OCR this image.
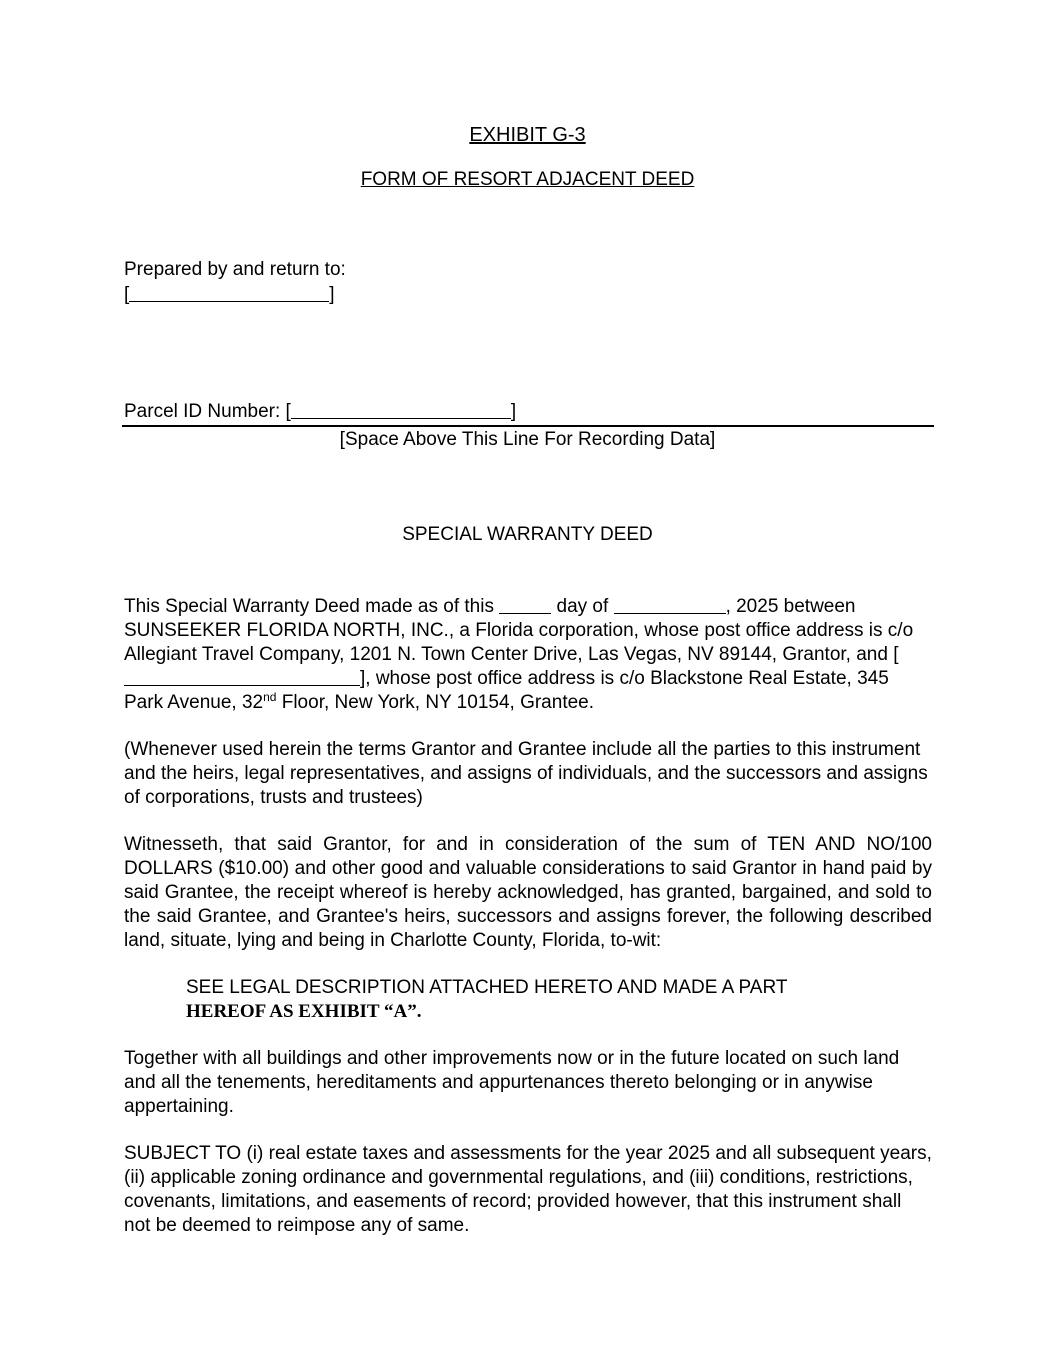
EXHIBIT G-3

FORM OF RESORT ADJACENT DEED

Prepared by and return to:

[	]

Parcel ID Number: [	]

[Space Above This Line For Recording Data]

SPECIAL WARRANTY DEED

This Special Warranty Deed made as of this	day of	, 2025 between SUNSEEKER FLORIDA NORTH, INC., a Florida corporation, whose post office address is c/o Allegiant Travel Company, 1201 N. Town Center Drive, Las Vegas, NV 89144, Grantor, and [], whose post office address is c/o Blackstone Real Estate, 345 Park Avenue, 32nd Floor, New York, NY 10154, Grantee.

(Whenever used herein the terms Grantor and Grantee include all the parties to this instrument and the heirs, legal representatives, and assigns of individuals, and the successors and assigns of corporations, trusts and trustees)

Witnesseth, that said Grantor, for and in consideration of the sum of TEN AND NO/100 DOLLARS ($10.00) and other good and valuable considerations to said Grantor in hand paid by said Grantee, the receipt whereof is hereby acknowledged, has granted, bargained, and sold to the said Grantee, and Grantee's heirs, successors and assigns forever, the following described land, situate, lying and being in Charlotte County, Florida, to-wit:

SEE LEGAL DESCRIPTION ATTACHED HERETO AND MADE A PART
HEREOF AS EXHIBIT “A”.

Together with all buildings and other improvements now or in the future located on such land and all the tenements, hereditaments and appurtenances thereto belonging or in anywise appertaining.

SUBJECT TO (i) real estate taxes and assessments for the year 2025 and all subsequent years, (ii) applicable zoning ordinance and governmental regulations, and (iii) conditions, restrictions, covenants, limitations, and easements of record; provided however, that this instrument shall not be deemed to reimpose any of same.
